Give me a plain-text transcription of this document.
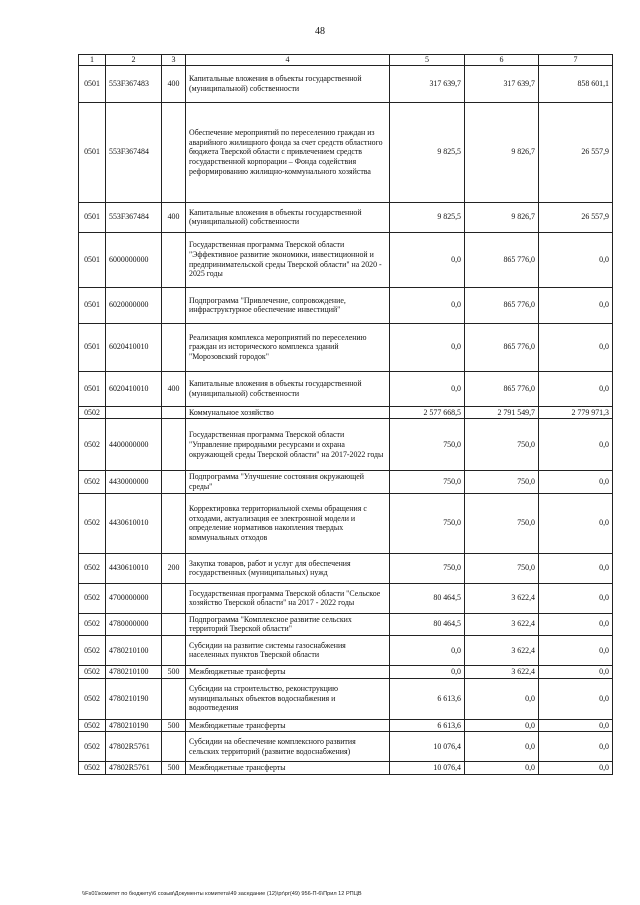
48
1	2	3	4	5	6	7
0501	553F367483	400	Капитальные вложения в объекты государственной (муниципальной) собственности	317 639,7	317 639,7	858 601,1
0501	553F367484		Обеспечение мероприятий по переселению граждан из аварийного жилищного фонда за счет средств областного бюджета Тверской области с привлечением средств государственной корпорации – Фонда содействия реформированию жилищно-коммунального хозяйства	9 825,5	9 826,7	26 557,9
0501	553F367484	400	Капитальные вложения в объекты государственной (муниципальной) собственности	9 825,5	9 826,7	26 557,9
0501	6000000000		Государственная программа Тверской области "Эффективное развитие экономики, инвестиционной и предпринимательской среды Тверской области" на 2020 - 2025 годы	0,0	865 776,0	0,0
0501	6020000000		Подпрограмма "Привлечение, сопровождение, инфраструктурное обеспечение инвестиций"	0,0	865 776,0	0,0
0501	6020410010		Реализация комплекса мероприятий по переселению граждан из исторического комплекса зданий "Морозовский городок"	0,0	865 776,0	0,0
0501	6020410010	400	Капитальные вложения в объекты государственной (муниципальной) собственности	0,0	865 776,0	0,0
0502			Коммунальное хозяйство	2 577 668,5	2 791 549,7	2 779 971,3
0502	4400000000		Государственная программа Тверской области "Управление природными ресурсами и охрана окружающей среды Тверской области" на 2017-2022 годы	750,0	750,0	0,0
0502	4430000000		Подпрограмма "Улучшение состояния окружающей среды"	750,0	750,0	0,0
0502	4430610010		Корректировка территориальной схемы обращения с отходами, актуализация ее электронной модели и определение нормативов накопления твердых коммунальных отходов	750,0	750,0	0,0
0502	4430610010	200	Закупка товаров, работ и услуг для обеспечения государственных (муниципальных) нужд	750,0	750,0	0,0
0502	4700000000		Государственная программа Тверской области "Сельское хозяйство Тверской области" на 2017 - 2022 годы	80 464,5	3 622,4	0,0
0502	4780000000		Подпрограмма "Комплексное развитие сельских территорий Тверской области"	80 464,5	3 622,4	0,0
0502	4780210100		Субсидии на развитие системы газоснабжения населенных пунктов Тверской области	0,0	3 622,4	0,0
0502	4780210100	500	Межбюджетные трансферты	0,0	3 622,4	0,0
0502	4780210190		Субсидии на строительство, реконструкцию муниципальных объектов водоснабжения и водоотведения	6 613,6	0,0	0,0
0502	4780210190	500	Межбюджетные трансферты	6 613,6	0,0	0,0
0502	47802R5761		Субсидии на обеспечение комплексного развития сельских территорий (развитие водоснабжения)	10 076,4	0,0	0,0
0502	47802R5761	500	Межбюджетные трансферты	10 076,4	0,0	0,0
\\Fs01\комитет по бюджету\6 созыв\Документы комитета\49 заседание (12)\pr\pr(49) 956-П-6\Прил 12 РПЦВ
